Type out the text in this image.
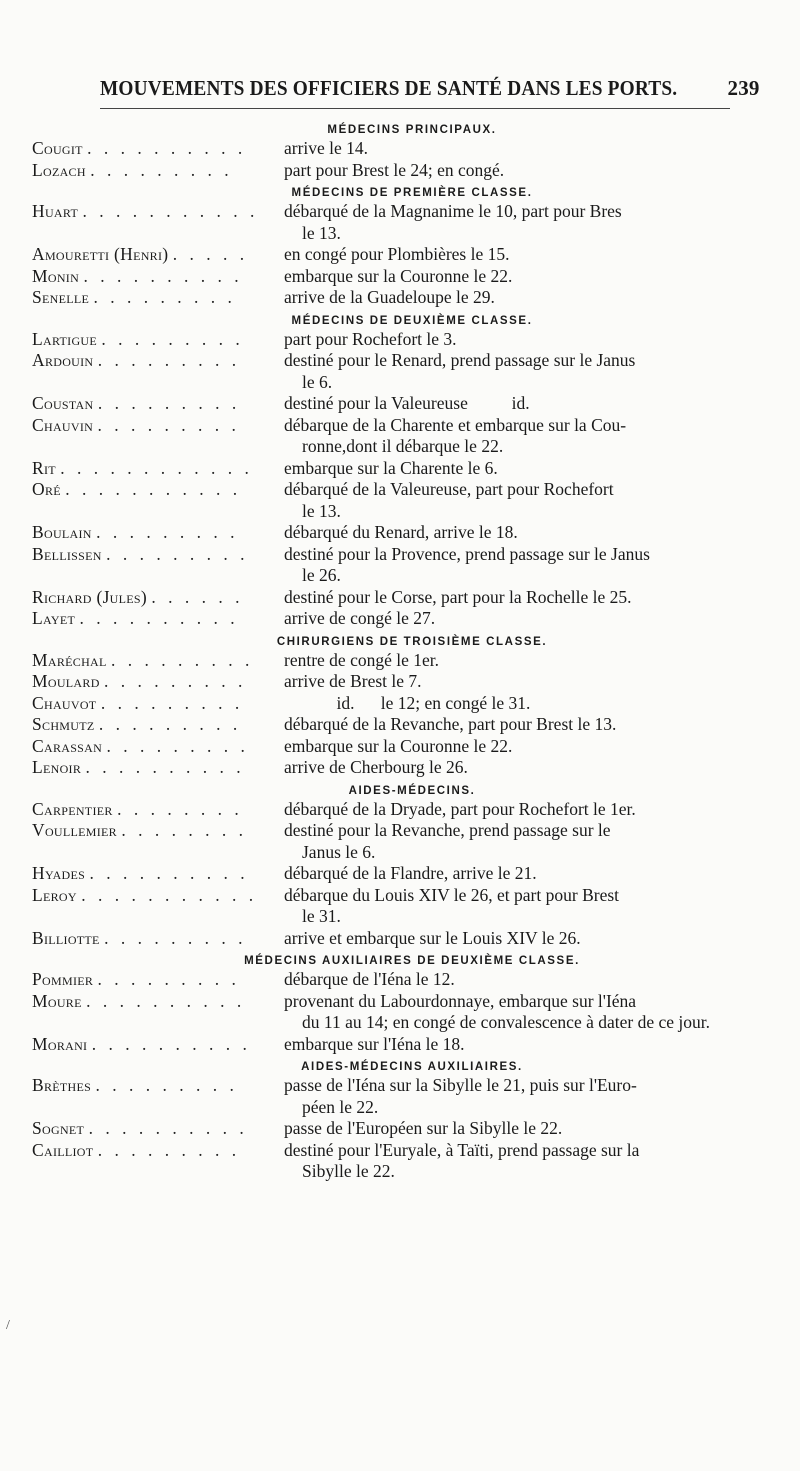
MOUVEMENTS DES OFFICIERS DE SANTÉ DANS LES PORTS. 239
MÉDECINS PRINCIPAUX.
Cougit . . . . . . . . . .	arrive le 14.
Lozach . . . . . . . . .	part pour Brest le 24; en congé.
MÉDECINS DE PREMIÈRE CLASSE.
Huart . . . . . . . . . . .	débarqué de la Magnanime le 10, part pour Bres
le 13.
Amouretti (Henri) . . . . .	en congé pour Plombières le 15.
Monin . . . . . . . . . .	embarque sur la Couronne le 22.
Senelle . . . . . . . . .	arrive de la Guadeloupe le 29.
MÉDECINS DE DEUXIÈME CLASSE.
Lartigue . . . . . . . . .	part pour Rochefort le 3.
Ardouin . . . . . . . . .	destiné pour le Renard, prend passage sur le Janus
le 6.
Coustan . . . . . . . . .	destiné pour la Valeureuse          id.
Chauvin . . . . . . . . .	débarque de la Charente et embarque sur la Cou-
ronne,dont il débarque le 22.
Rit . . . . . . . . . . . .	embarque sur la Charente le 6.
Oré . . . . . . . . . . .	débarqué de la Valeureuse, part pour Rochefort
le 13.
Boulain . . . . . . . . .	débarqué du Renard, arrive le 18.
Bellissen . . . . . . . . .	destiné pour la Provence, prend passage sur le Janus
le 26.
Richard (Jules) . . . . . .	destiné pour le Corse, part pour la Rochelle le 25.
Layet . . . . . . . . . .	arrive de congé le 27.
CHIRURGIENS DE TROISIÈME CLASSE.
Maréchal . . . . . . . . .	rentre de congé le 1er.
Moulard . . . . . . . . .	arrive de Brest le 7.
Chauvot . . . . . . . . .	id.      le 12; en congé le 31.
Schmutz . . . . . . . . .	débarqué de la Revanche, part pour Brest le 13.
Carassan . . . . . . . . .	embarque sur la Couronne le 22.
Lenoir . . . . . . . . . .	arrive de Cherbourg le 26.
AIDES-MÉDECINS.
Carpentier . . . . . . . .	débarqué de la Dryade, part pour Rochefort le 1er.
Voullemier . . . . . . . .	destiné pour la Revanche, prend passage sur le
Janus le 6.
Hyades . . . . . . . . . .	débarqué de la Flandre, arrive le 21.
Leroy . . . . . . . . . . .	débarque du Louis XIV le 26, et part pour Brest
le 31.
Billiotte . . . . . . . . .	arrive et embarque sur le Louis XIV le 26.
MÉDECINS AUXILIAIRES DE DEUXIÈME CLASSE.
Pommier . . . . . . . . .	débarque de l'Iéna le 12.
Moure . . . . . . . . . .	provenant du Labourdonnaye, embarque sur l'Iéna
du 11 au 14; en congé de convalescence à dater de ce jour.
Morani . . . . . . . . . .	embarque sur l'Iéna le 18.
AIDES-MÉDECINS AUXILIAIRES.
Brèthes . . . . . . . . .	passe de l'Iéna sur la Sibylle le 21, puis sur l'Euro-
péen le 22.
Sognet . . . . . . . . . .	passe de l'Européen sur la Sibylle le 22.
Cailliot . . . . . . . . .	destiné pour l'Euryale, à Taïti, prend passage sur la
Sibylle le 22.
/
